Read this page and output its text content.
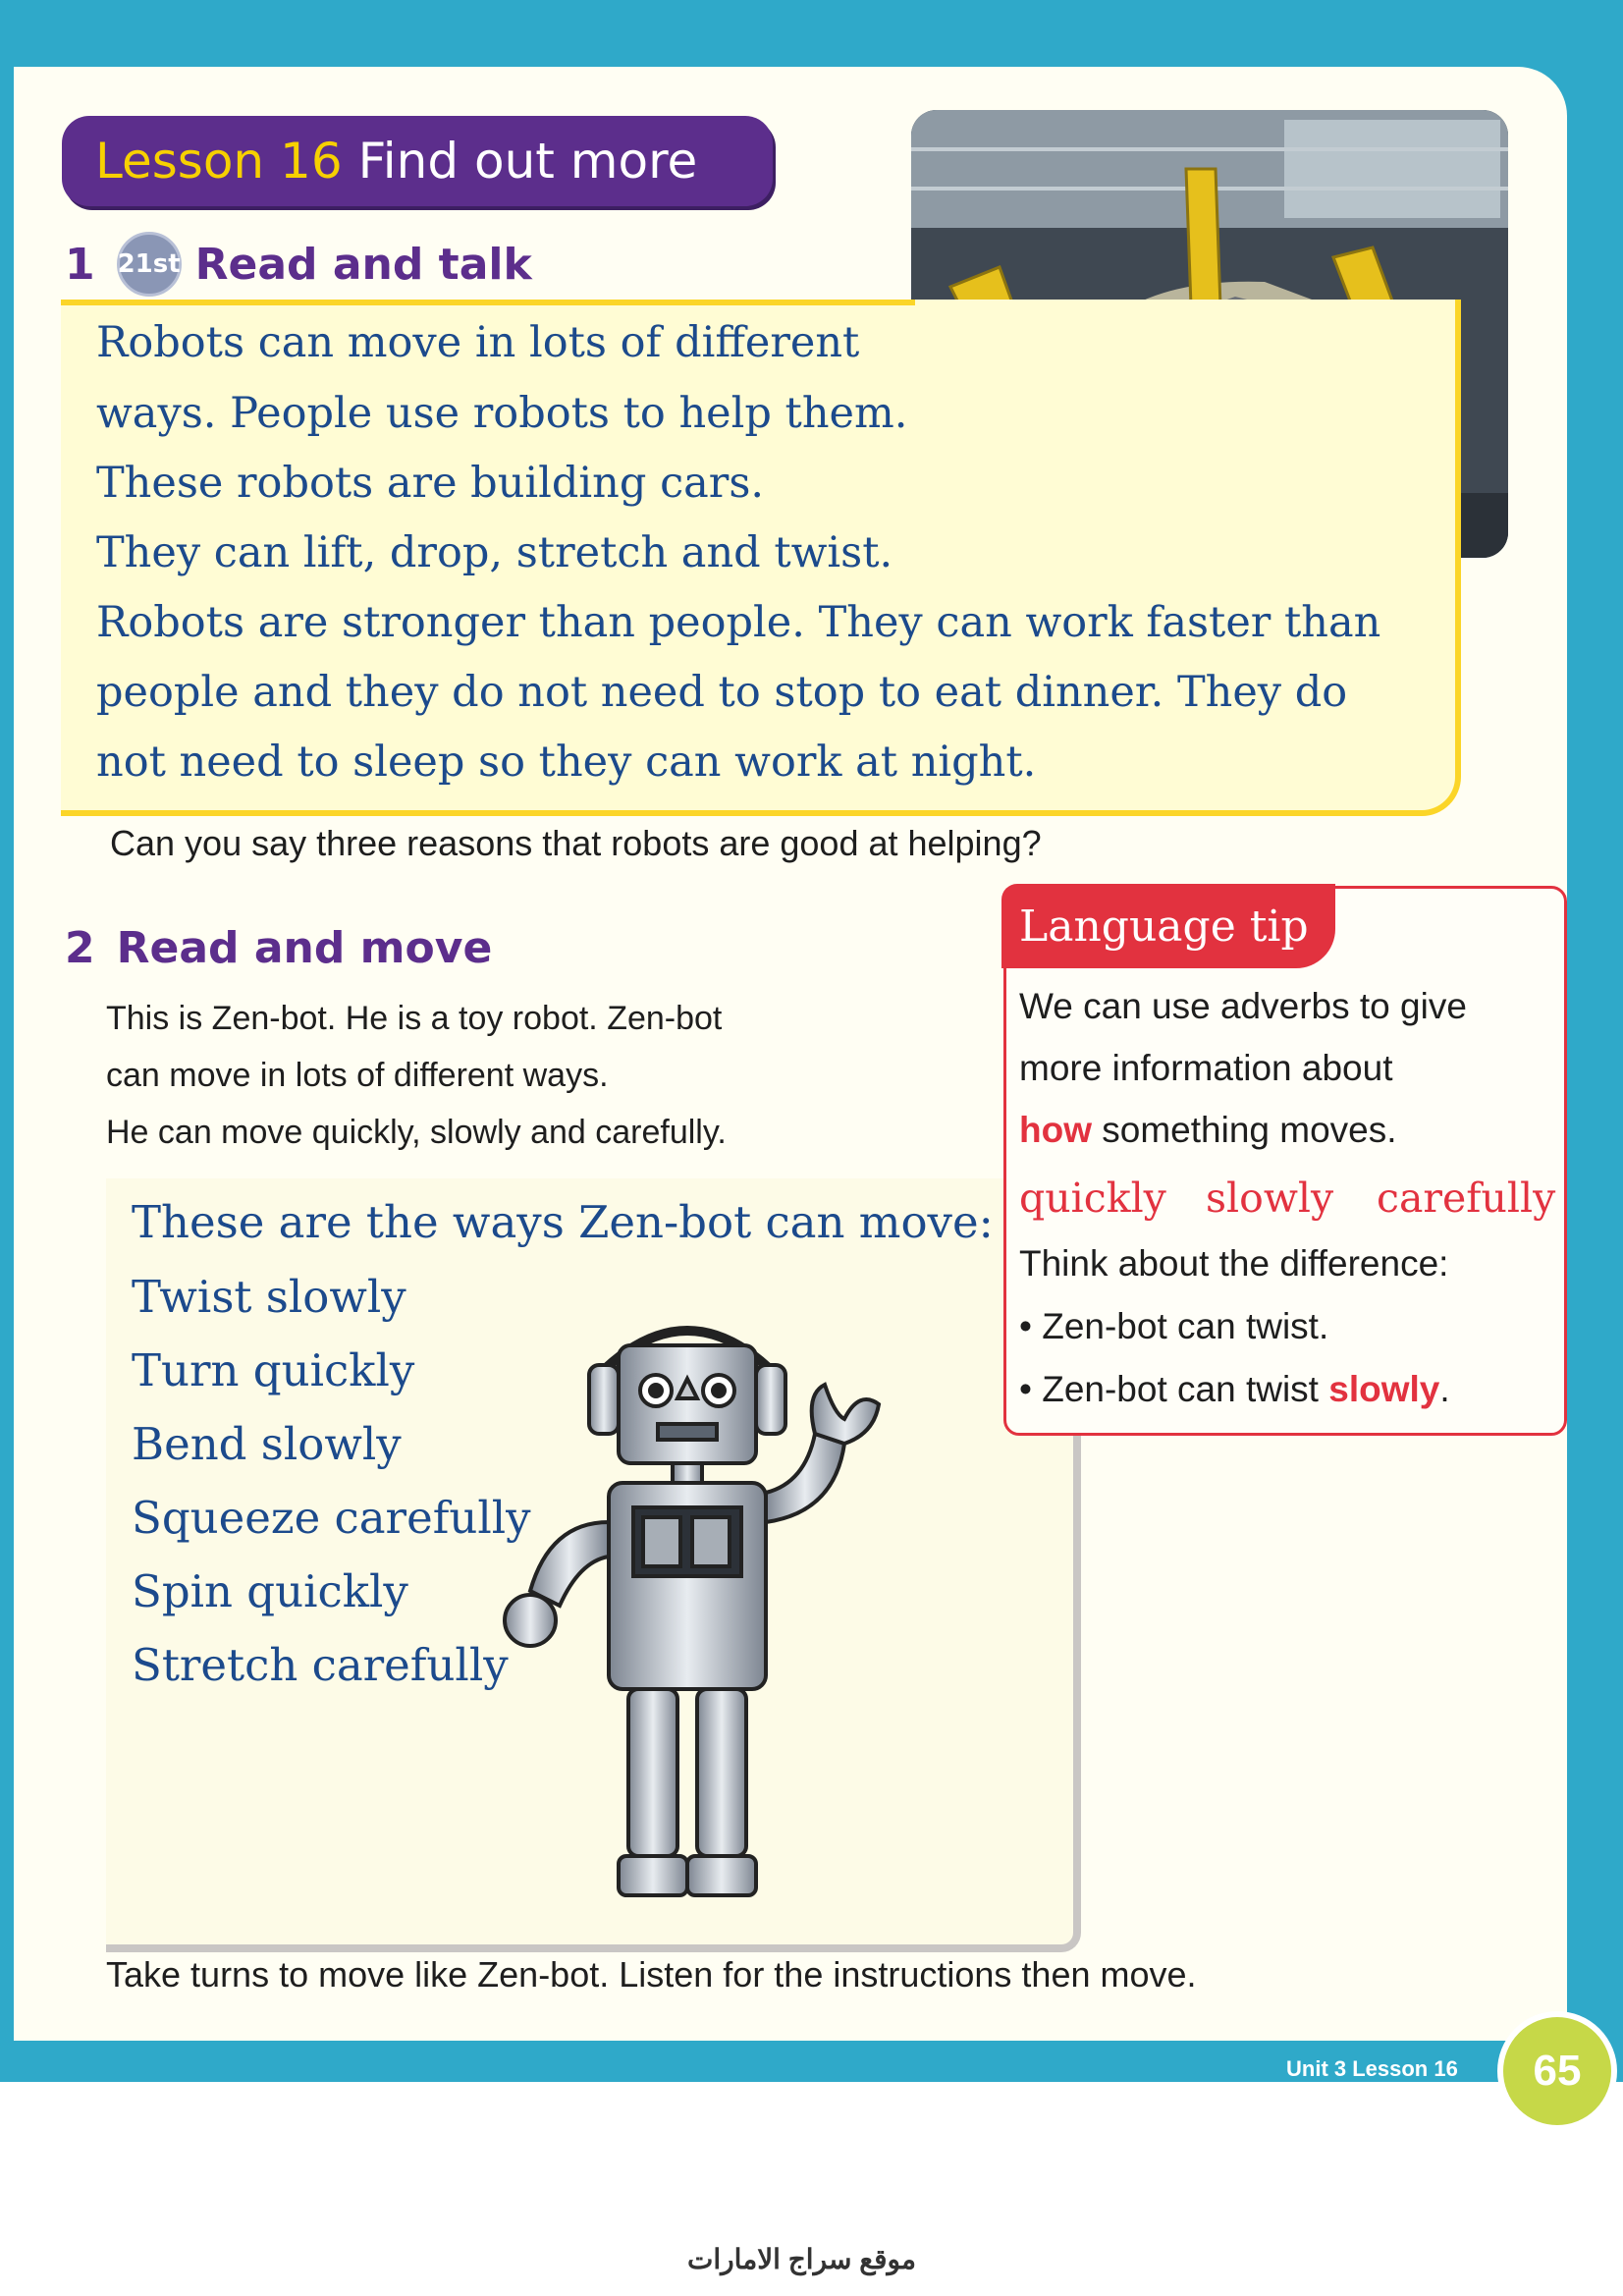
Lesson 16 Find out more
1 21st Read and talk
Robots can move in lots of different
ways. People use robots to help them.
These robots are building cars.
They can lift, drop, stretch and twist.
Robots are stronger than people. They can work faster than
people and they do not need to stop to eat dinner. They do
not need to sleep so they can work at night.
Can you say three reasons that robots are good at helping?
2 Read and move
This is Zen-bot. He is a toy robot. Zen-bot
can move in lots of different ways.
He can move quickly, slowly and carefully.
These are the ways Zen-bot can move:
Twist slowly
Turn quickly
Bend slowly
Squeeze carefully
Spin quickly
Stretch carefully
Language tip
We can use adverbs to give
more information about
how something moves.
quickly slowly carefully
Think about the difference:
• Zen-bot can twist.
• Zen-bot can twist slowly.
Take turns to move like Zen-bot. Listen for the instructions then move.
Unit 3 Lesson 16	65
موقع سراج الامارات
